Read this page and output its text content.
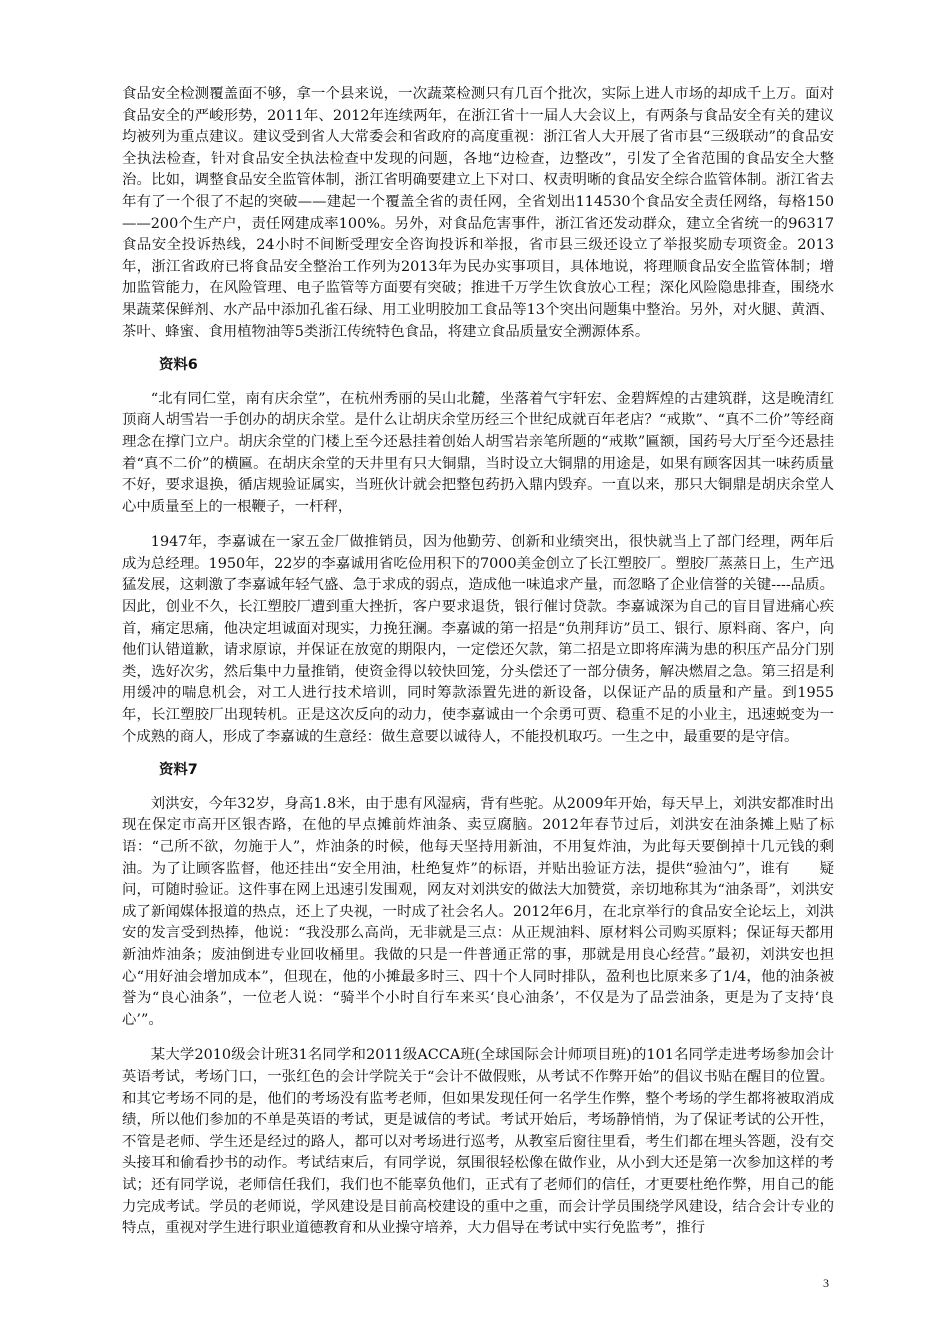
食品安全检测覆盖面不够，拿一个县来说，一次蔬菜检测只有几百个批次，实际上进人市场的却成千上万。面对食品安全的严峻形势，2011年、2012年连续两年，在浙江省十一届人大会议上，有两条与食品安全有关的建议均被列为重点建议。建议受到省人大常委会和省政府的高度重视：浙江省人大开展了省市县“三级联动”的食品安全执法检查，针对食品安全执法检查中发现的问题，各地“边检查，边整改”，引发了全省范围的食品安全大整治。比如，调整食品安全监管体制，浙江省明确要建立上下对口、权责明晰的食品安全综合监管体制。浙江省去年有了一个很了不起的突破——建起一个覆盖全省的责任网，全省划出114530个食品安全责任网络，每格150——200个生产户，责任网建成率100%。另外，对食品危害事件，浙江省还发动群众，建立全省统一的96317食品安全投诉热线，24小时不间断受理安全咨询投诉和举报，省市县三级还设立了举报奖励专项资金。2013年，浙江省政府已将食品安全整治工作列为2013年为民办实事项目，具体地说，将理顺食品安全监管体制；增加监管能力，在风险管理、电子监管等方面要有突破；推进千万学生饮食放心工程；深化风险隐患排查，围绕水果蔬菜保鲜剂、水产品中添加孔雀石绿、用工业明胶加工食品等13个突出问题集中整治。另外，对火腿、黄酒、茶叶、蜂蜜、食用植物油等5类浙江传统特色食品，将建立食品质量安全溯源体系。

资料6

“北有同仁堂，南有庆余堂”，在杭州秀丽的吴山北麓，坐落着气宇轩宏、金碧辉煌的古建筑群，这是晚清红顶商人胡雪岩一手创办的胡庆余堂。是什么让胡庆余堂历经三个世纪成就百年老店？“戒欺”、“真不二价”等经商理念在撑门立户。胡庆余堂的门楼上至今还悬挂着创始人胡雪岩亲笔所题的“戒欺”匾额，国药号大厅至今还悬挂着“真不二价”的横匾。在胡庆余堂的天井里有只大铜鼎，当时设立大铜鼎的用途是，如果有顾客因其一味药质量不好，要求退换，循店规验证属实，当班伙计就会把整包药扔入鼎内毁弃。一直以来，那只大铜鼎是胡庆余堂人心中质量至上的一根鞭子，一杆秤，

1947年，李嘉诚在一家五金厂做推销员，因为他勤劳、创新和业绩突出，很快就当上了部门经理，两年后成为总经理。1950年，22岁的李嘉诚用省吃俭用积下的7000美金创立了长江塑胶厂。塑胶厂蒸蒸日上，生产迅猛发展，这刺激了李嘉诚年轻气盛、急于求成的弱点，造成他一味追求产量，而忽略了企业信誉的关键----品质。因此，创业不久，长江塑胶厂遭到重大挫折，客户要求退货，银行催讨贷款。李嘉诚深为自己的盲目冒进痛心疾首，痛定思痛，他决定坦诚面对现实，力挽狂澜。李嘉诚的第一招是“负荆拜访”员工、银行、原料商、客户，向他们认错道歉，请求原谅，并保证在放宽的期限内，一定偿还欠款，第二招是立即将库满为患的积压产品分门别类，选好次劣，然后集中力量推销，使资金得以较快回笼，分头偿还了一部分债务，解决燃眉之急。第三招是利用缓冲的喘息机会，对工人进行技术培训，同时筹款添置先进的新设备，以保证产品的质量和产量。到1955年，长江塑胶厂出现转机。正是这次反向的动力，使李嘉诚由一个余勇可贾、稳重不足的小业主，迅速蜕变为一个成熟的商人，形成了李嘉诚的生意经：做生意要以诚待人，不能投机取巧。一生之中，最重要的是守信。

资料7

刘洪安，今年32岁，身高1.8米，由于患有风湿病，背有些驼。从2009年开始，每天早上，刘洪安都准时出现在保定市高开区银杏路，在他的早点摊前炸油条、卖豆腐脑。2012年春节过后，刘洪安在油条摊上贴了标语：“己所不欲，勿施于人”，炸油条的时候，他每天坚持用新油，不用复炸油，为此每天要倒掉十几元钱的剩油。为了让顾客监督，他还挂出“安全用油，杜绝复炸”的标语，并贴出验证方法，提供“验油勺”，谁有　　疑问，可随时验证。这件事在网上迅速引发围观，网友对刘洪安的做法大加赞赏，亲切地称其为“油条哥”，刘洪安成了新闻媒体报道的热点，还上了央视，一时成了社会名人。2012年6月，在北京举行的食品安全论坛上，刘洪安的发言受到热捧，他说：“我没那么高尚，无非就是三点：从正规油料、原材料公司购买原料；保证每天都用新油炸油条；废油倒进专业回收桶里。我做的只是一件普通正常的事，那就是用良心经营。”最初，刘洪安也担心“用好油会增加成本”，但现在，他的小摊最多时三、四十个人同时排队，盈利也比原来多了1/4，他的油条被誉为“良心油条”，一位老人说：“骑半个小时自行车来买‘良心油条’，不仅是为了品尝油条，更是为了支持‘良心’”。

某大学2010级会计班31名同学和2011级ACCA班(全球国际会计师项目班)的101名同学走进考场参加会计英语考试，考场门口，一张红色的会计学院关于“会计不做假账，从考试不作弊开始”的倡议书贴在醒目的位置。和其它考场不同的是，他们的考场没有监考老师，但如果发现任何一名学生作弊，整个考场的学生都将被取消成绩，所以他们参加的不单是英语的考试，更是诚信的考试。考试开始后，考场静悄悄，为了保证考试的公开性，不管是老师、学生还是经过的路人，都可以对考场进行巡考，从教室后窗往里看，考生们都在埋头答题，没有交头接耳和偷看抄书的动作。考试结束后，有同学说，氛围很轻松像在做作业，从小到大还是第一次参加这样的考试；还有同学说，老师信任我们，我们也不能辜负他们，正式有了老师们的信任，才更要杜绝作弊，用自己的能力完成考试。学员的老师说，学风建设是目前高校建设的重中之重，而会计学员围绕学风建设，结合会计专业的特点，重视对学生进行职业道德教育和从业操守培养，大力倡导在考试中实行免监考”，推行

3
